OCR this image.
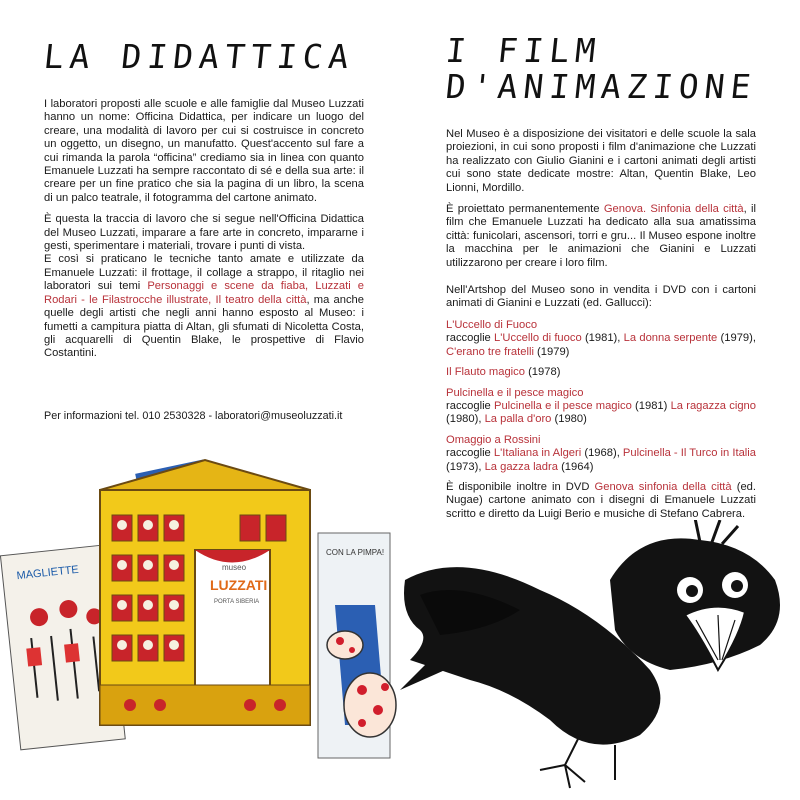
LA DIDATTICA

I laboratori proposti alle scuole e alle famiglie dal Museo Luzzati hanno un nome: Officina Didattica, per indicare un luogo del creare, una modalità di lavoro per cui si costruisce in concreto un oggetto, un disegno, un manufatto. Quest'accento sul fare a cui rimanda la parola “officina” crediamo sia in linea con quanto Emanuele Luzzati ha sempre raccontato di sé e della sua arte: il creare per un fine pratico che sia la pagina di un libro, la scena di un palco teatrale, il fotogramma del cartone animato.

È questa la traccia di lavoro che si segue nell'Officina Didattica del Museo Luzzati, imparare a fare arte in concreto, impararne i gesti, sperimentare i materiali, trovare i punti di vista.

E così si praticano le tecniche tanto amate e utilizzate da Emanuele Luzzati: il frottage, il collage a strappo, il ritaglio nei laboratori sui temi Personaggi e scene da fiaba, Luzzati e Rodari - le Filastrocche illustrate, Il teatro della città, ma anche quelle degli artisti che negli anni hanno esposto al Museo: i fumetti a campitura piatta di Altan, gli sfumati di Nicoletta Costa, gli acquarelli di Quentin Blake, le prospettive di Flavio Costantini.

Per informazioni tel. 010 2530328 - laboratori@museoluzzati.it

MAGLIETTE	museo
LUZZATI
PORTA SIBERIA
CON LA PIMPA!
I FILM
D'ANIMAZIONE

Nel Museo è a disposizione dei visitatori e delle scuole la sala proiezioni, in cui sono proposti i film d'animazione che Luzzati ha realizzato con Giulio Gianini e i cartoni animati degli artisti cui sono state dedicate mostre: Altan, Quentin Blake, Leo Lionni, Mordillo.

È proiettato permanentemente Genova. Sinfonia della città, il film che Emanuele Luzzati ha dedicato alla sua amatissima città: funicolari, ascensori, torri e gru... Il Museo espone inoltre la macchina per le animazioni che Gianini e Luzzati utilizzarono per creare i loro film.

Nell'Artshop del Museo sono in vendita i DVD con i cartoni animati di Gianini e Luzzati (ed. Gallucci):

L'Uccello di Fuoco
raccoglie L'Uccello di fuoco (1981), La donna serpente (1979), C'erano tre fratelli (1979)
Il Flauto magico (1978)
Pulcinella e il pesce magico
raccoglie Pulcinella e il pesce magico (1981) La ragazza cigno (1980), La palla d'oro (1980)
Omaggio a Rossini
raccoglie L'Italiana in Algeri (1968), Pulcinella - Il Turco in Italia (1973), La gazza ladra (1964)

È disponibile inoltre in DVD Genova sinfonia della città (ed. Nugae) cartone animato con i disegni di Emanuele Luzzati scritto e diretto da Luigi Berio e musiche di Stefano Cabrera.
